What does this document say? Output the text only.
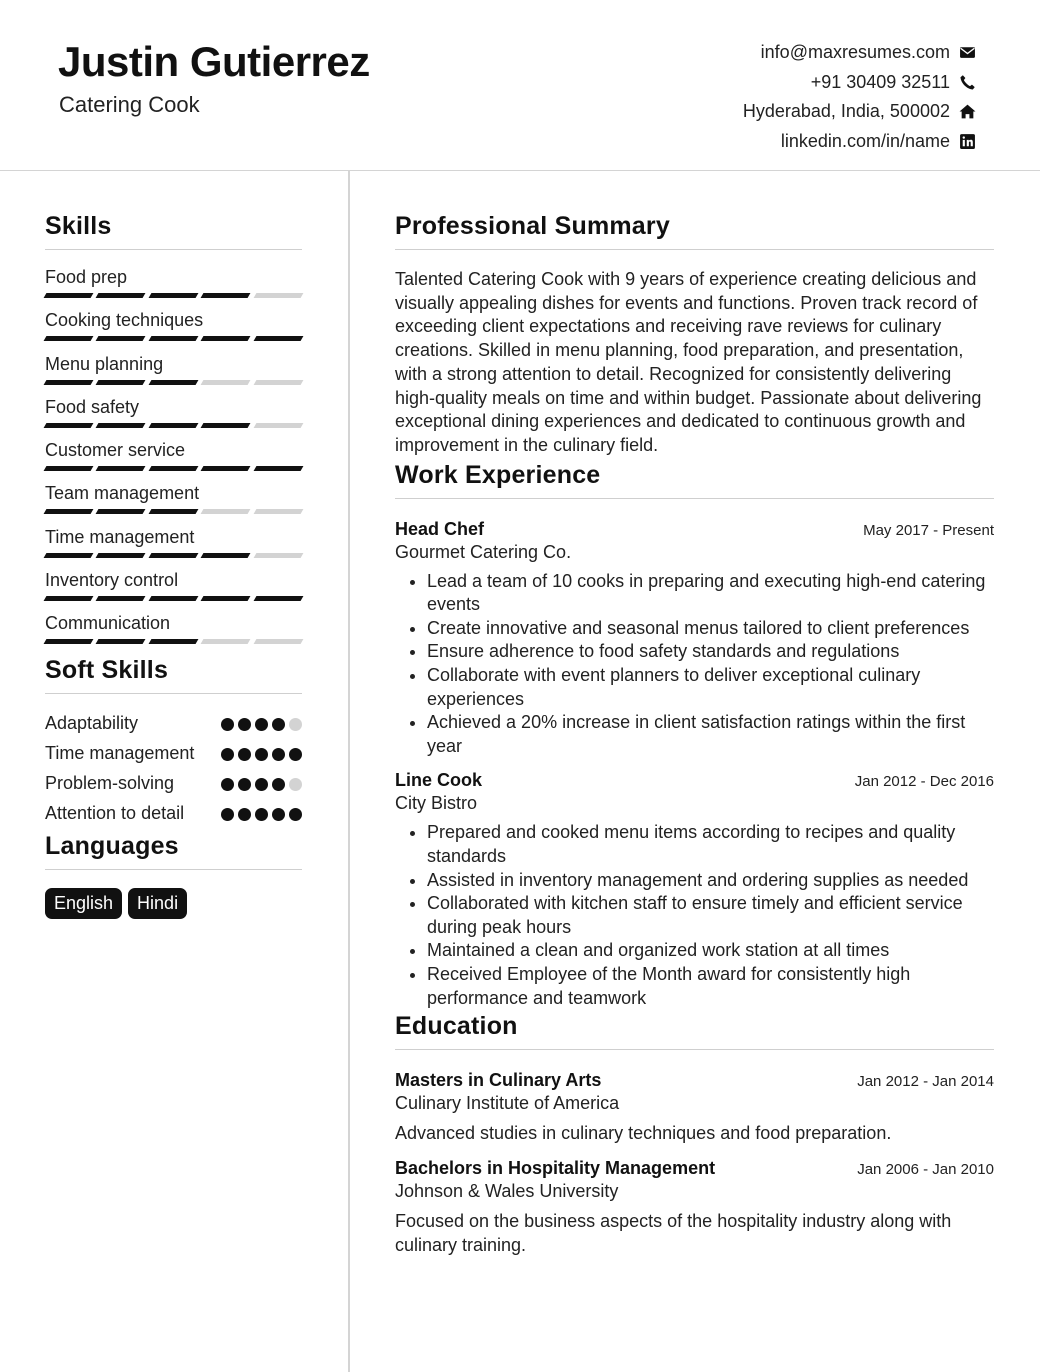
Justin Gutierrez
Catering Cook
info@maxresumes.com
+91 30409 32511
Hyderabad, India, 500002
linkedin.com/in/name
Skills
Food prep
Cooking techniques
Menu planning
Food safety
Customer service
Team management
Time management
Inventory control
Communication
Soft Skills
Adaptability
Time management
Problem-solving
Attention to detail
Languages
English	Hindi
Professional Summary
Talented Catering Cook with 9 years of experience creating delicious and visually appealing dishes for events and functions. Proven track record of exceeding client expectations and receiving rave reviews for culinary creations. Skilled in menu planning, food preparation, and presentation, with a strong attention to detail. Recognized for consistently delivering high-quality meals on time and within budget. Passionate about delivering exceptional dining experiences and dedicated to continuous growth and improvement in the culinary field.
Work Experience
Head Chef	May 2017 - Present
Gourmet Catering Co.
• Lead a team of 10 cooks in preparing and executing high-end catering events
• Create innovative and seasonal menus tailored to client preferences
• Ensure adherence to food safety standards and regulations
• Collaborate with event planners to deliver exceptional culinary experiences
• Achieved a 20% increase in client satisfaction ratings within the first year
Line Cook	Jan 2012 - Dec 2016
City Bistro
• Prepared and cooked menu items according to recipes and quality standards
• Assisted in inventory management and ordering supplies as needed
• Collaborated with kitchen staff to ensure timely and efficient service during peak hours
• Maintained a clean and organized work station at all times
• Received Employee of the Month award for consistently high performance and teamwork
Education
Masters in Culinary Arts	Jan 2012 - Jan 2014
Culinary Institute of America
Advanced studies in culinary techniques and food preparation.
Bachelors in Hospitality Management	Jan 2006 - Jan 2010
Johnson & Wales University
Focused on the business aspects of the hospitality industry along with culinary training.
